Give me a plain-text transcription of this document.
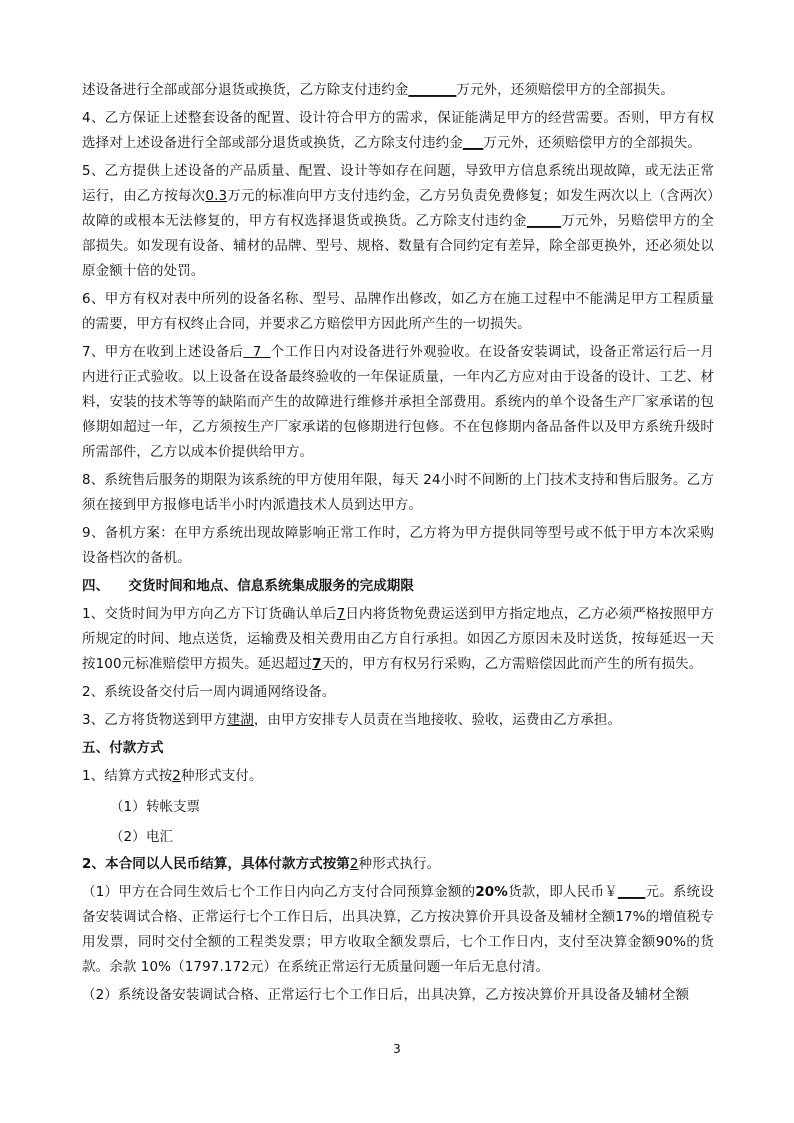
述设备进行全部或部分退货或换货，乙方除支付违约金_______万元外，还须赔偿甲方的全部损失。

4、乙方保证上述整套设备的配置、设计符合甲方的需求，保证能满足甲方的经营需要。否则，甲方有权选择对上述设备进行全部或部分退货或换货，乙方除支付违约金___万元外，还须赔偿甲方的全部损失。

5、乙方提供上述设备的产品质量、配置、设计等如存在问题，导致甲方信息系统出现故障，或无法正常运行，由乙方按每次0.3万元的标准向甲方支付违约金，乙方另负责免费修复；如发生两次以上（含两次）故障的或根本无法修复的，甲方有权选择退货或换货。乙方除支付违约金_____万元外，另赔偿甲方的全部损失。如发现有设备、辅材的品牌、型号、规格、数量有合同约定有差异，除全部更换外，还必须处以原金额十倍的处罚。

6、甲方有权对表中所列的设备名称、型号、品牌作出修改，如乙方在施工过程中不能满足甲方工程质量的需要，甲方有权终止合同，并要求乙方赔偿甲方因此所产生的一切损失。

7、甲方在收到上述设备后  7  个工作日内对设备进行外观验收。在设备安装调试，设备正常运行后一月内进行正式验收。以上设备在设备最终验收的一年保证质量，一年内乙方应对由于设备的设计、工艺、材料，安装的技术等等的缺陷而产生的故障进行维修并承担全部费用。系统内的单个设备生产厂家承诺的包修期如超过一年，乙方须按生产厂家承诺的包修期进行包修。不在包修期内备品备件以及甲方系统升级时所需部件，乙方以成本价提供给甲方。

8、系统售后服务的期限为该系统的甲方使用年限，每天 24小时不间断的上门技术支持和售后服务。乙方须在接到甲方报修电话半小时内派遣技术人员到达甲方。

9、备机方案：在甲方系统出现故障影响正常工作时，乙方将为甲方提供同等型号或不低于甲方本次采购设备档次的备机。

四、    交货时间和地点、信息系统集成服务的完成期限

1、交货时间为甲方向乙方下订货确认单后7日内将货物免费运送到甲方指定地点，乙方必须严格按照甲方所规定的时间、地点送货，运输费及相关费用由乙方自行承担。如因乙方原因未及时送货，按每延迟一天按100元标准赔偿甲方损失。延迟超过7天的，甲方有权另行采购，乙方需赔偿因此而产生的所有损失。

2、系统设备交付后一周内调通网络设备。

3、乙方将货物送到甲方建湖，由甲方安排专人员责在当地接收、验收，运费由乙方承担。

五、付款方式

1、结算方式按2种形式支付。

（1）转帐支票

（2）电汇

2、本合同以人民币结算，具体付款方式按第2种形式执行。

（1）甲方在合同生效后七个工作日内向乙方支付合同预算金额的20%货款，即人民币￥____元。系统设备安装调试合格、正常运行七个工作日后，出具决算，乙方按决算价开具设备及辅材全额17%的增值税专用发票，同时交付全额的工程类发票；甲方收取全额发票后，七个工作日内，支付至决算金额90%的货款。余款 10%（1797.172元）在系统正常运行无质量问题一年后无息付清。

（2）系统设备安装调试合格、正常运行七个工作日后，出具决算，乙方按决算价开具设备及辅材全额

3
